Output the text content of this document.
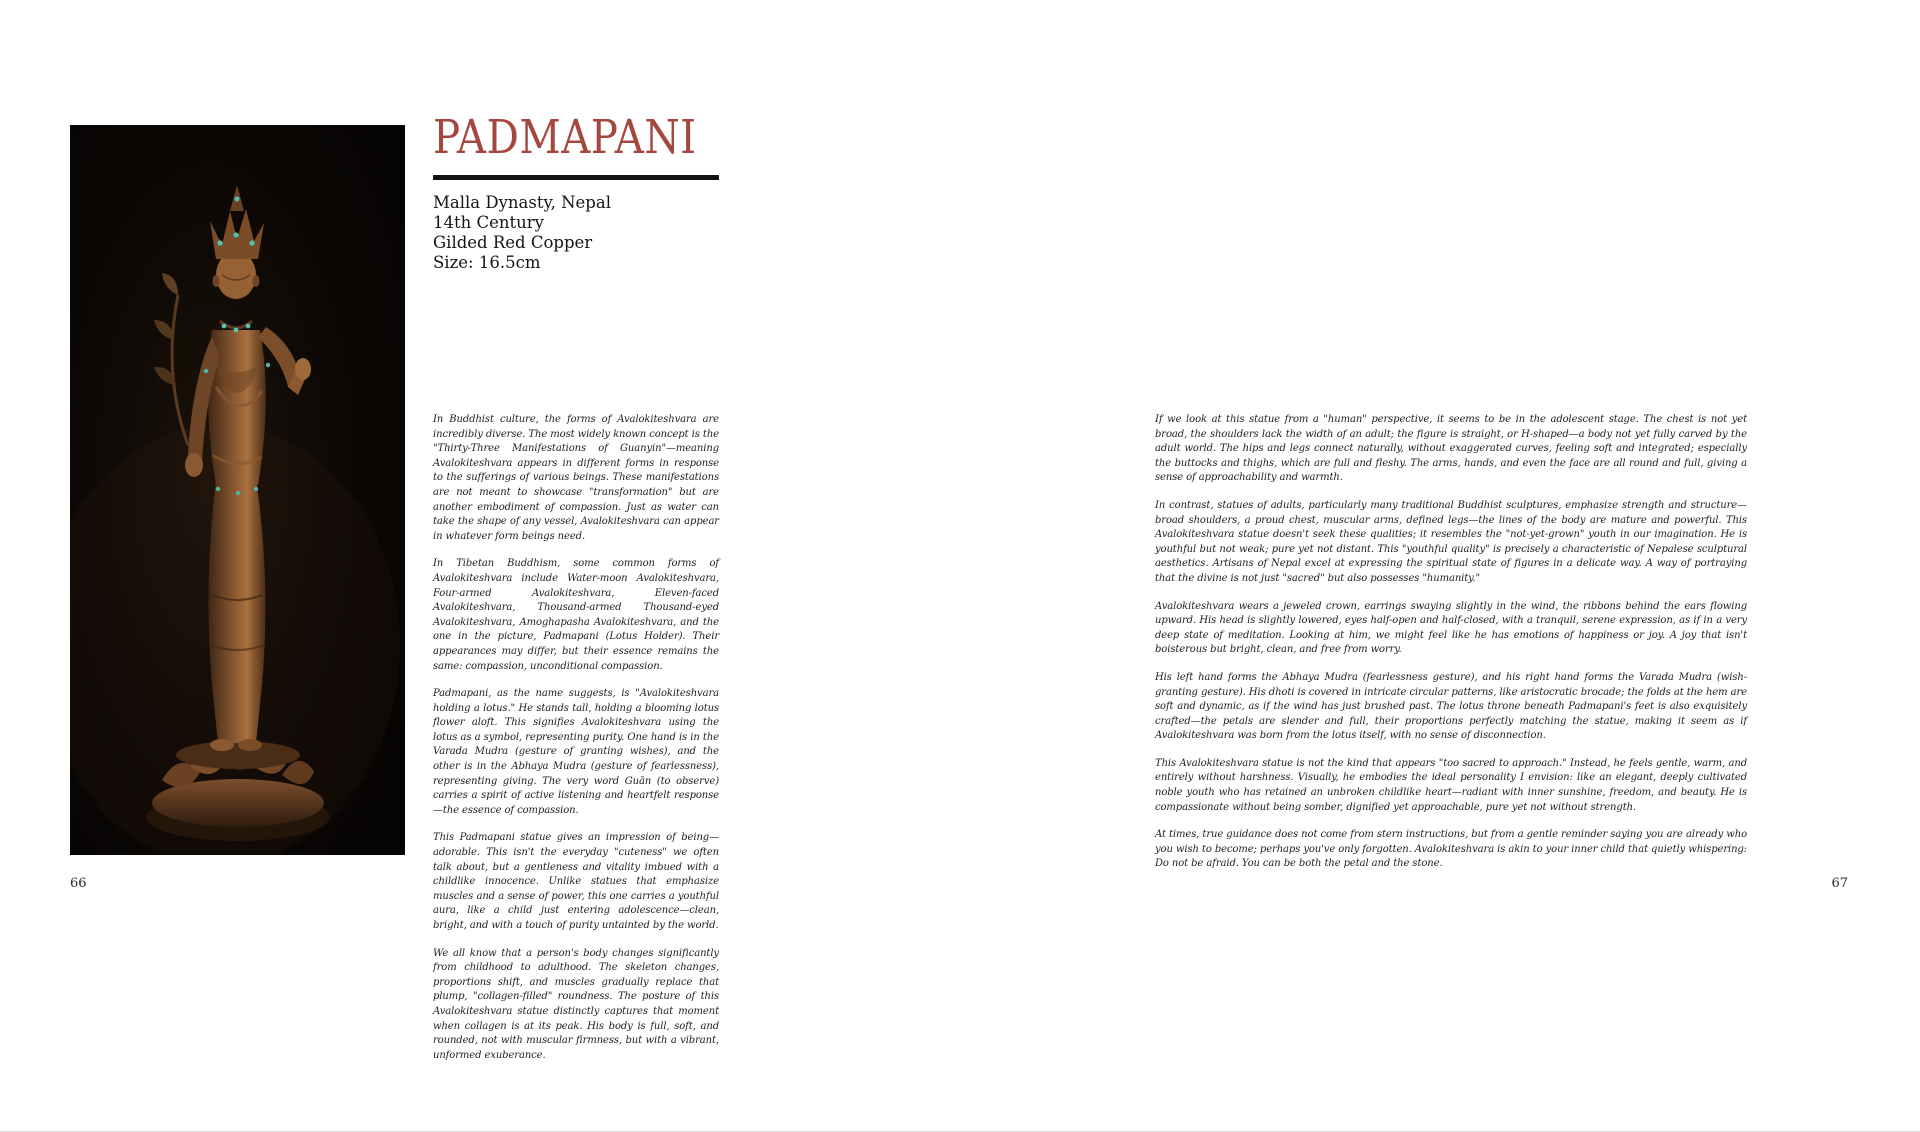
PADMAPANI
Malla Dynasty, Nepal
14th Century
Gilded Red Copper
Size: 16.5cm

In Buddhist culture, the forms of Avalokiteshvara are incredibly diverse. The most widely known concept is the "Thirty-Three Manifestations of Guanyin"—meaning Avalokiteshvara appears in different forms in response to the sufferings of various beings. These manifestations are not meant to showcase "transformation" but are another embodiment of compassion. Just as water can take the shape of any vessel, Avalokiteshvara can appear in whatever form beings need.

In Tibetan Buddhism, some common forms of Avalokiteshvara include Water-moon Avalokiteshvara, Four-armed Avalokiteshvara, Eleven-faced Avalokiteshvara, Thousand-armed Thousand-eyed Avalokiteshvara, Amoghapasha Avalokiteshvara, and the one in the picture, Padmapani (Lotus Holder). Their appearances may differ, but their essence remains the same: compassion, unconditional compassion.

Padmapani, as the name suggests, is "Avalokiteshvara holding a lotus." He stands tall, holding a blooming lotus flower aloft. This signifies Avalokiteshvara using the lotus as a symbol, representing purity. One hand is in the Varada Mudra (gesture of granting wishes), and the other is in the Abhaya Mudra (gesture of fearlessness), representing giving. The very word Guān (to observe) carries a spirit of active listening and heartfelt response—the essence of compassion.

This Padmapani statue gives an impression of being—adorable. This isn't the everyday "cuteness" we often talk about, but a gentleness and vitality imbued with a childlike innocence. Unlike statues that emphasize muscles and a sense of power, this one carries a youthful aura, like a child just entering adolescence—clean, bright, and with a touch of purity untainted by the world.

We all know that a person's body changes significantly from childhood to adulthood. The skeleton changes, proportions shift, and muscles gradually replace that plump, "collagen-filled" roundness. The posture of this Avalokiteshvara statue distinctly captures that moment when collagen is at its peak. His body is full, soft, and rounded, not with muscular firmness, but with a vibrant, unformed exuberance.

If we look at this statue from a "human" perspective, it seems to be in the adolescent stage. The chest is not yet broad, the shoulders lack the width of an adult; the figure is straight, or H-shaped—a body not yet fully carved by the adult world. The hips and legs connect naturally, without exaggerated curves, feeling soft and integrated; especially the buttocks and thighs, which are full and fleshy. The arms, hands, and even the face are all round and full, giving a sense of approachability and warmth.

In contrast, statues of adults, particularly many traditional Buddhist sculptures, emphasize strength and structure—broad shoulders, a proud chest, muscular arms, defined legs—the lines of the body are mature and powerful. This Avalokiteshvara statue doesn't seek these qualities; it resembles the "not-yet-grown" youth in our imagination. He is youthful but not weak; pure yet not distant. This "youthful quality" is precisely a characteristic of Nepalese sculptural aesthetics. Artisans of Nepal excel at expressing the spiritual state of figures in a delicate way. A way of portraying that the divine is not just "sacred" but also possesses "humanity."

Avalokiteshvara wears a jeweled crown, earrings swaying slightly in the wind, the ribbons behind the ears flowing upward. His head is slightly lowered, eyes half-open and half-closed, with a tranquil, serene expression, as if in a very deep state of meditation. Looking at him, we might feel like he has emotions of happiness or joy. A joy that isn't boisterous but bright, clean, and free from worry.

His left hand forms the Abhaya Mudra (fearlessness gesture), and his right hand forms the Varada Mudra (wish-granting gesture). His dhoti is covered in intricate circular patterns, like aristocratic brocade; the folds at the hem are soft and dynamic, as if the wind has just brushed past. The lotus throne beneath Padmapani's feet is also exquisitely crafted—the petals are slender and full, their proportions perfectly matching the statue, making it seem as if Avalokiteshvara was born from the lotus itself, with no sense of disconnection.

This Avalokiteshvara statue is not the kind that appears "too sacred to approach." Instead, he feels gentle, warm, and entirely without harshness. Visually, he embodies the ideal personality I envision: like an elegant, deeply cultivated noble youth who has retained an unbroken childlike heart—radiant with inner sunshine, freedom, and beauty. He is compassionate without being somber, dignified yet approachable, pure yet not without strength.

At times, true guidance does not come from stern instructions, but from a gentle reminder saying you are already who you wish to become; perhaps you've only forgotten. Avalokiteshvara is akin to your inner child that quietly whispering: Do not be afraid. You can be both the petal and the stone.

66	67
